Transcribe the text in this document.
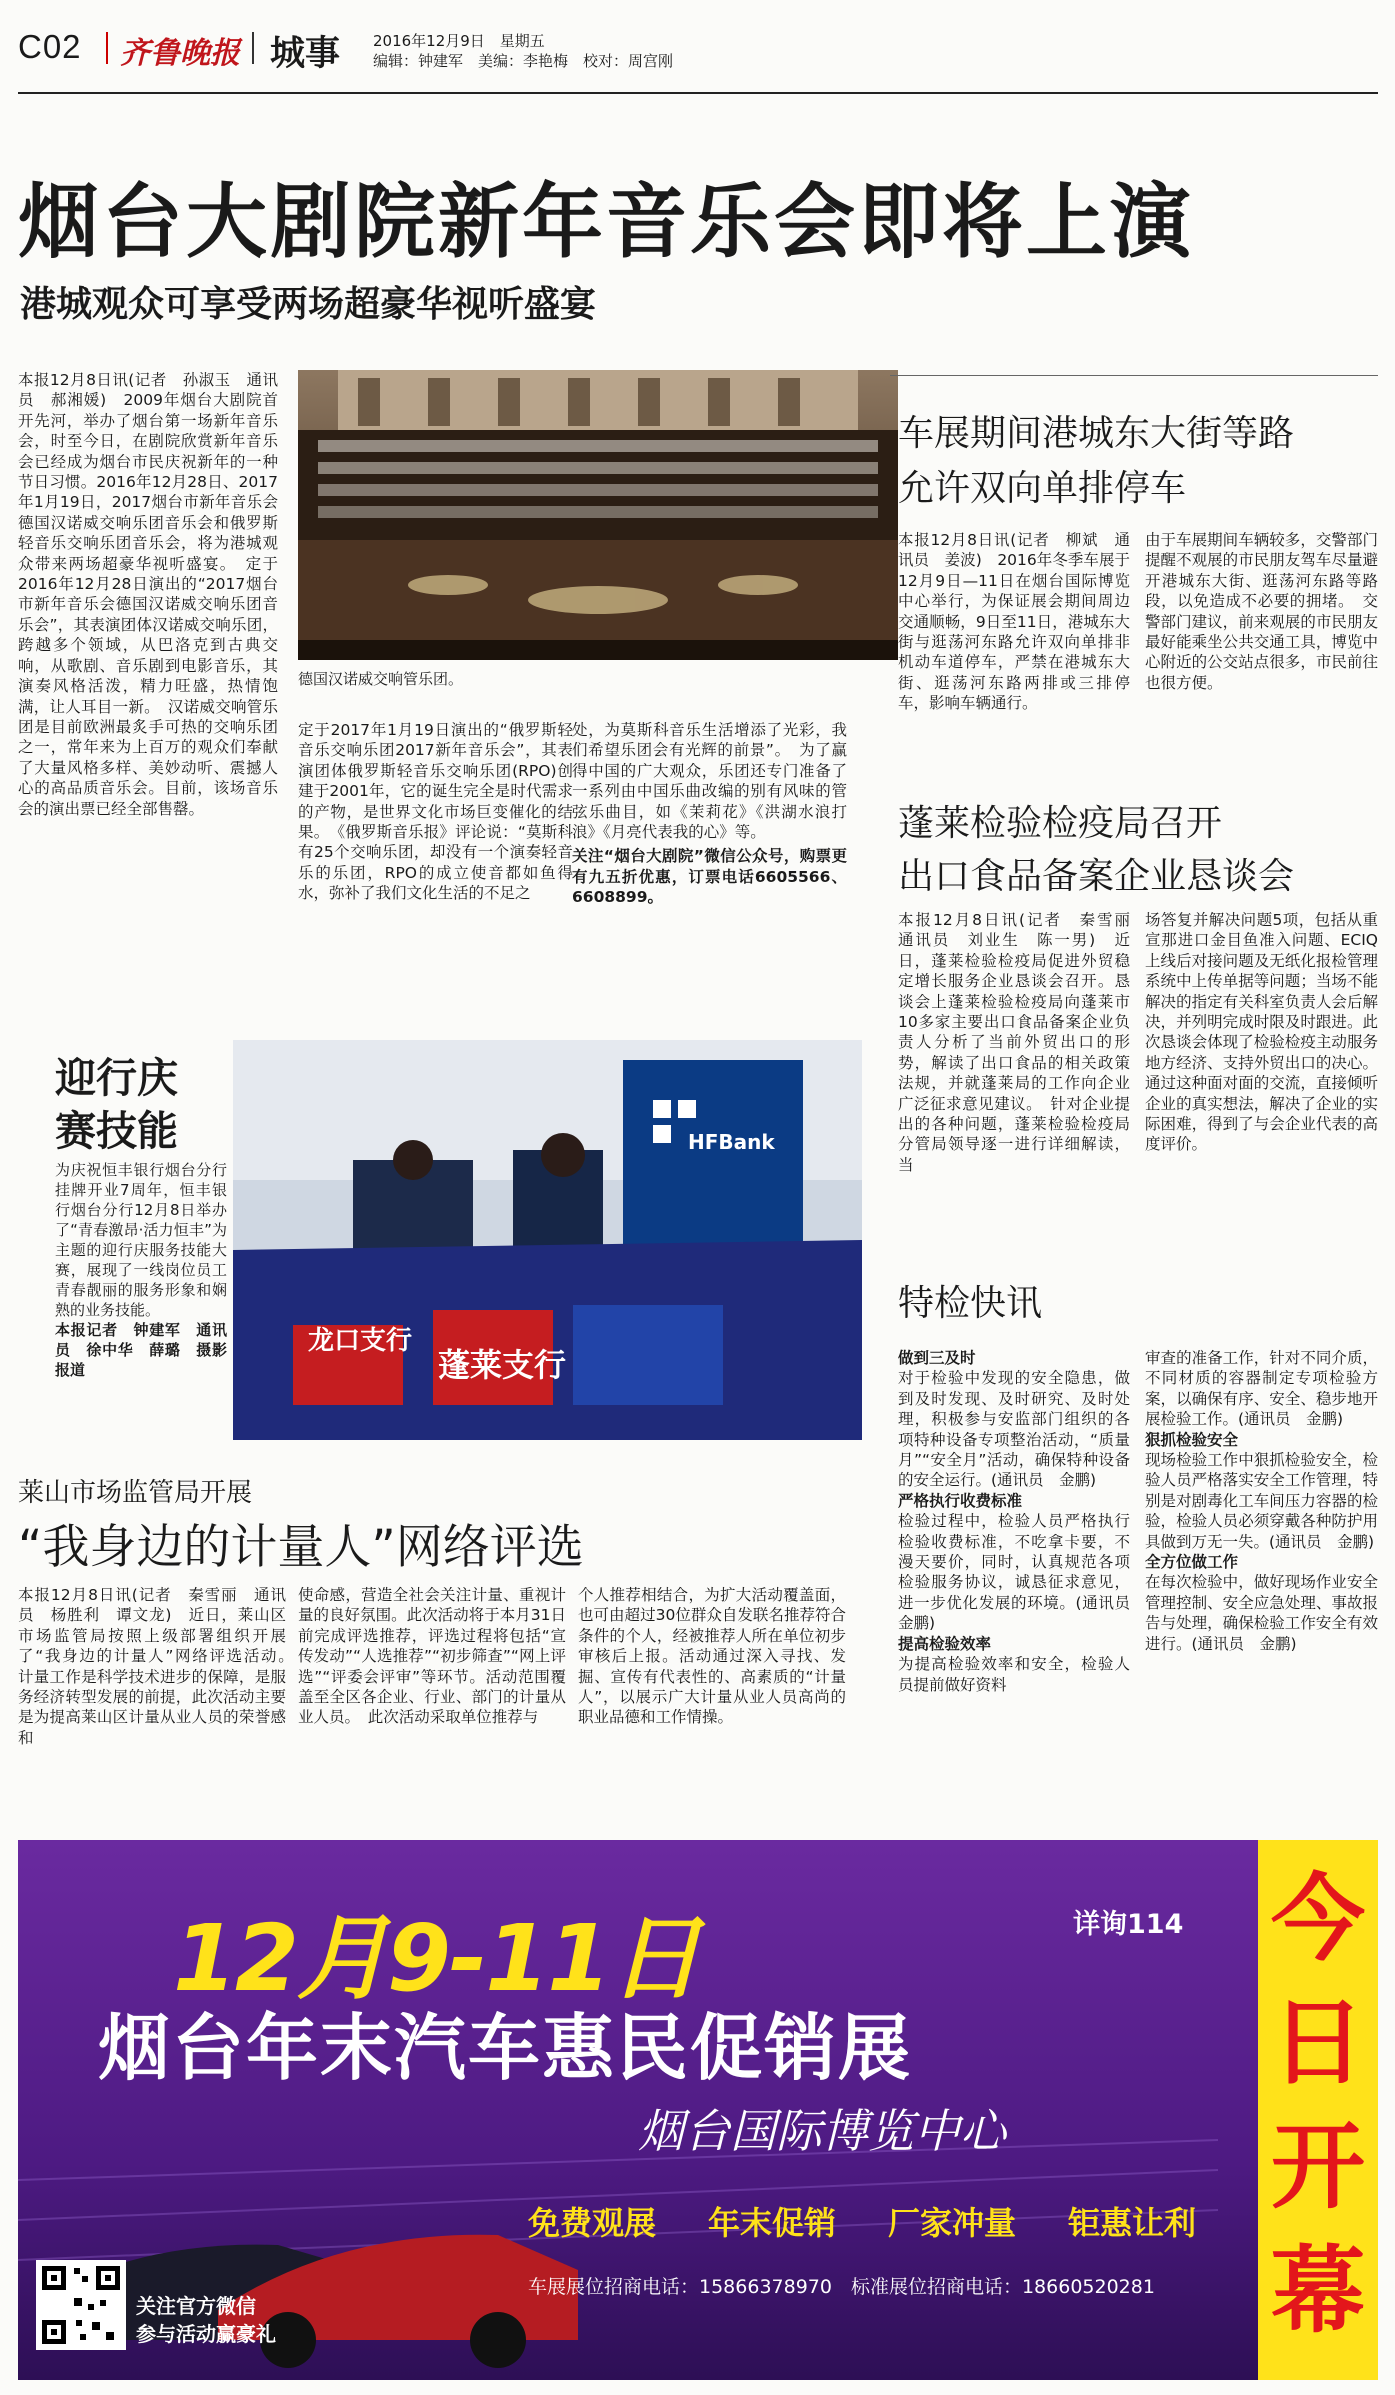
C02 齐鲁晚报 城事 2016年12月9日　星期五
编辑：钟建军　美编：李艳梅　校对：周宫刚
烟台大剧院新年音乐会即将上演
港城观众可享受两场超豪华视听盛宴
本报12月8日讯(记者　孙淑玉　通讯员　郝湘媛)　2009年烟台大剧院首开先河，举办了烟台第一场新年音乐会，时至今日，在剧院欣赏新年音乐会已经成为烟台市民庆祝新年的一种节日习惯。2016年12月28日、2017年1月19日，2017烟台市新年音乐会德国汉诺威交响乐团音乐会和俄罗斯轻音乐交响乐团音乐会，将为港城观众带来两场超豪华视听盛宴。　定于2016年12月28日演出的“2017烟台市新年音乐会德国汉诺威交响乐团音乐会”，其表演团体汉诺威交响乐团，跨越多个领域，从巴洛克到古典交响，从歌剧、音乐剧到电影音乐，其演奏风格活泼，精力旺盛，热情饱满，让人耳目一新。　汉诺威交响管乐团是目前欧洲最炙手可热的交响乐团之一，常年来为上百万的观众们奉献了大量风格多样、美妙动听、震撼人心的高品质音乐会。目前，该场音乐会的演出票已经全部售罄。
德国汉诺威交响管乐团。
定于2017年1月19日演出的“俄罗斯轻音乐交响乐团2017新年音乐会”，其表演团体俄罗斯轻音乐交响乐团(RPO)创建于2001年，它的诞生完全是时代需求的产物，是世界文化市场巨变催化的结果。　《俄罗斯音乐报》评论说：“莫斯科有25个交响乐团，却没有一个演奏轻音乐的乐团，RPO的成立使音都如鱼得水，弥补了我们文化生活的不足之
处，为莫斯科音乐生活增添了光彩，我们希望乐团会有光辉的前景”。　为了赢得中国的广大观众，乐团还专门准备了一系列由中国乐曲改编的别有风味的管弦乐曲目，如《茉莉花》《洪湖水浪打浪》《月亮代表我的心》等。
关注“烟台大剧院”微信公众号，购票更有九五折优惠，订票电话6605566、6608899。
迎行庆
赛技能
为庆祝恒丰银行烟台分行挂牌开业7周年，恒丰银行烟台分行12月8日举办了“青春激昂·活力恒丰”为主题的迎行庆服务技能大赛，展现了一线岗位员工青春靓丽的服务形象和娴熟的业务技能。
本报记者　钟建军　通讯员　徐中华　薛璐　摄影报道
龙口支行
蓬莱支行
HFBank
莱山市场监管局开展
“我身边的计量人”网络评选
本报12月8日讯(记者　秦雪丽　通讯员　杨胜利　谭文龙)　近日，莱山区市场监管局按照上级部署组织开展了“我身边的计量人”网络评选活动。　计量工作是科学技术进步的保障，是服务经济转型发展的前提，此次活动主要是为提高莱山区计量从业人员的荣誉感和
使命感，营造全社会关注计量、重视计量的良好氛围。此次活动将于本月31日前完成评选推荐，评选过程将包括“宣传发动”“人选推荐”“初步筛查”“网上评选”“评委会评审”等环节。活动范围覆盖至全区各企业、行业、部门的计量从业人员。　此次活动采取单位推荐与
个人推荐相结合，为扩大活动覆盖面，也可由超过30位群众自发联名推荐符合条件的个人，经被推荐人所在单位初步审核后上报。活动通过深入寻找、发掘、宣传有代表性的、高素质的“计量人”，以展示广大计量从业人员高尚的职业品德和工作情操。
车展期间港城东大街等路
允许双向单排停车
本报12月8日讯(记者　柳斌　通讯员　姜波)　2016年冬季车展于12月9日—11日在烟台国际博览中心举行，为保证展会期间周边交通顺畅，9日至11日，港城东大街与逛荡河东路允许双向单排非机动车道停车，严禁在港城东大街、逛荡河东路两排或三排停车，影响车辆通行。
由于车展期间车辆较多，交警部门提醒不观展的市民朋友驾车尽量避开港城东大街、逛荡河东路等路段，以免造成不必要的拥堵。　交警部门建议，前来观展的市民朋友最好能乘坐公共交通工具，博览中心附近的公交站点很多，市民前往也很方便。
蓬莱检验检疫局召开
出口食品备案企业恳谈会
本报12月8日讯(记者　秦雪丽　通讯员　刘业生　陈一男)　近日，蓬莱检验检疫局促进外贸稳定增长服务企业恳谈会召开。恳谈会上蓬莱检验检疫局向蓬莱市10多家主要出口食品备案企业负责人分析了当前外贸出口的形势，解读了出口食品的相关政策法规，并就蓬莱局的工作向企业广泛征求意见建议。　针对企业提出的各种问题，蓬莱检验检疫局分管局领导逐一进行详细解读，当
场答复并解决问题5项，包括从重宣那进口金目鱼准入问题、ECIQ上线后对接问题及无纸化报检管理系统中上传单据等问题；当场不能解决的指定有关科室负责人会后解决，并列明完成时限及时跟进。此次恳谈会体现了检验检疫主动服务地方经济、支持外贸出口的决心。通过这种面对面的交流，直接倾听企业的真实想法，解决了企业的实际困难，得到了与会企业代表的高度评价。
特检快讯
做到三及时
对于检验中发现的安全隐患，做到及时发现、及时研究、及时处理，积极参与安监部门组织的各项特种设备专项整治活动，“质量月”“安全月”活动，确保特种设备的安全运行。(通讯员　金鹏)
严格执行收费标准
检验过程中，检验人员严格执行检验收费标准，不吃拿卡要，不漫天要价，同时，认真规范各项检验服务协议，诚恳征求意见，进一步优化发展的环境。(通讯员　金鹏)
提高检验效率
为提高检验效率和安全，检验人员提前做好资料
审查的准备工作，针对不同介质，不同材质的容器制定专项检验方案，以确保有序、安全、稳步地开展检验工作。(通讯员　金鹏)
狠抓检验安全
现场检验工作中狠抓检验安全，检验人员严格落实安全工作管理，特别是对剧毒化工车间压力容器的检验，检验人员必须穿戴各种防护用具做到万无一失。(通讯员　金鹏)
全方位做工作
在每次检验中，做好现场作业安全管理控制、安全应急处理、事故报告与处理，确保检验工作安全有效进行。(通讯员　金鹏)
12月9-11日	详询114
烟台年末汽车惠民促销展
烟台国际博览中心
免费观展 年末促销 厂家冲量 钜惠让利
车展展位招商电话：15866378970　标准展位招商电话：18660520281
关注官方微信
参与活动赢豪礼
今日开幕
